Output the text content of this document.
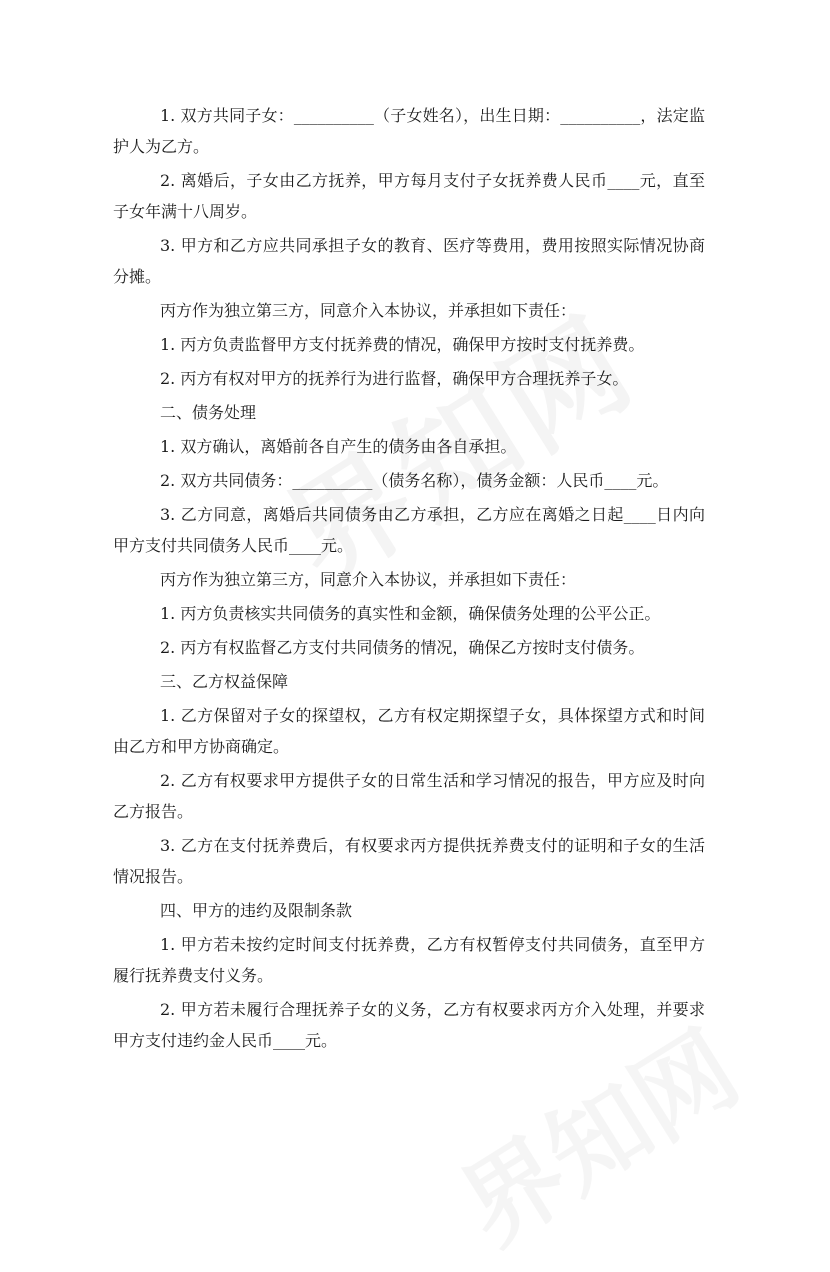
1. 双方共同子女：__________（子女姓名），出生日期：__________，法定监护人为乙方。

2. 离婚后，子女由乙方抚养，甲方每月支付子女抚养费人民币____元，直至子女年满十八周岁。

3. 甲方和乙方应共同承担子女的教育、医疗等费用，费用按照实际情况协商分摊。

丙方作为独立第三方，同意介入本协议，并承担如下责任：

1. 丙方负责监督甲方支付抚养费的情况，确保甲方按时支付抚养费。

2. 丙方有权对甲方的抚养行为进行监督，确保甲方合理抚养子女。

二、债务处理

1. 双方确认，离婚前各自产生的债务由各自承担。

2. 双方共同债务：__________（债务名称），债务金额：人民币____元。

3. 乙方同意，离婚后共同债务由乙方承担，乙方应在离婚之日起____日内向甲方支付共同债务人民币____元。

丙方作为独立第三方，同意介入本协议，并承担如下责任：

1. 丙方负责核实共同债务的真实性和金额，确保债务处理的公平公正。

2. 丙方有权监督乙方支付共同债务的情况，确保乙方按时支付债务。

三、乙方权益保障

1. 乙方保留对子女的探望权，乙方有权定期探望子女，具体探望方式和时间由乙方和甲方协商确定。

2. 乙方有权要求甲方提供子女的日常生活和学习情况的报告，甲方应及时向乙方报告。

3. 乙方在支付抚养费后，有权要求丙方提供抚养费支付的证明和子女的生活情况报告。

四、甲方的违约及限制条款

1. 甲方若未按约定时间支付抚养费，乙方有权暂停支付共同债务，直至甲方履行抚养费支付义务。

2. 甲方若未履行合理抚养子女的义务，乙方有权要求丙方介入处理，并要求甲方支付违约金人民币____元。
